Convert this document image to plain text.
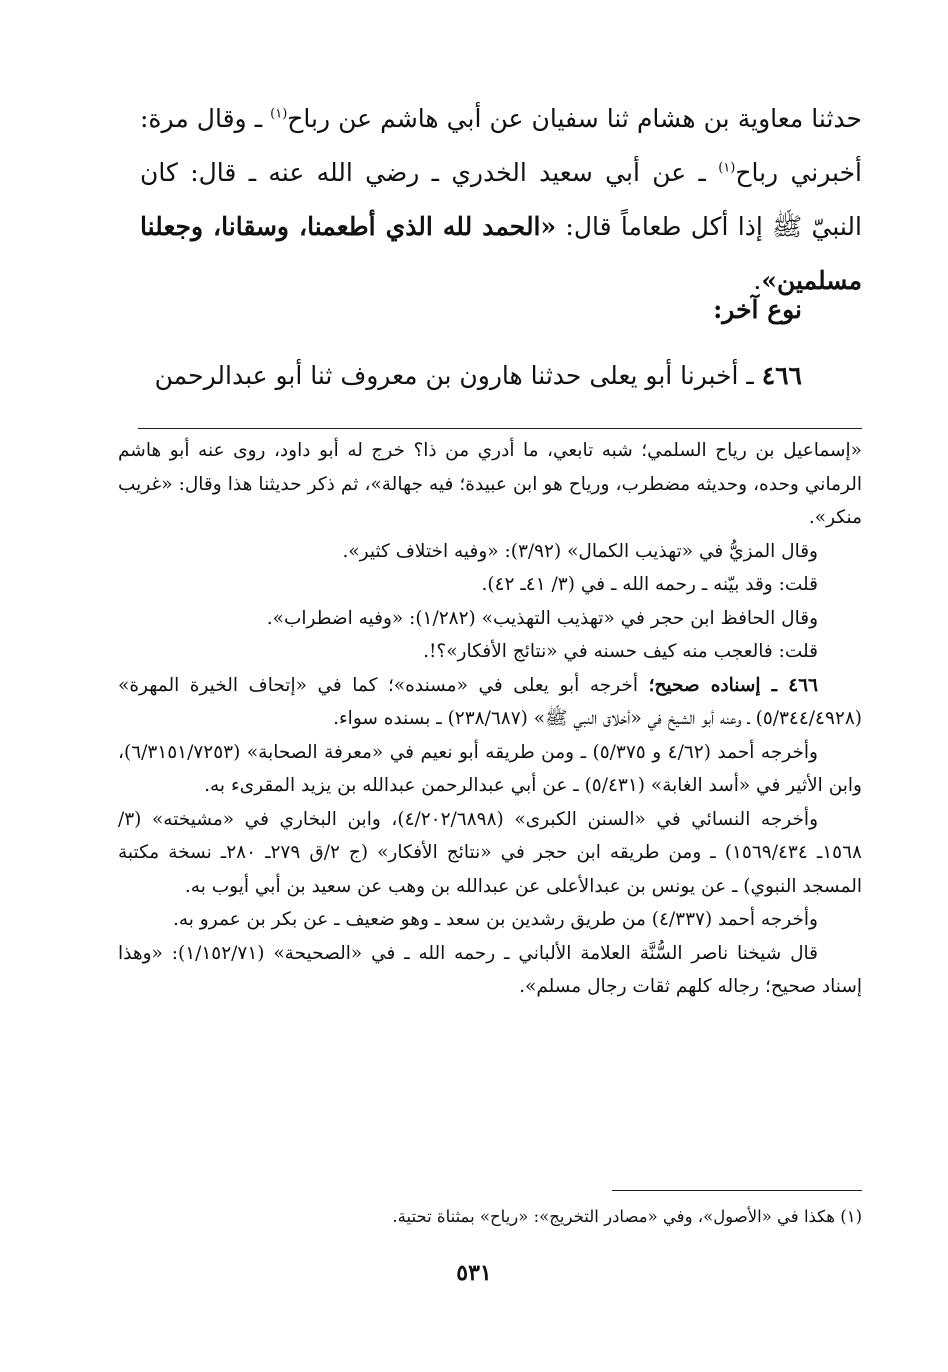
حدثنا معاوية بن هشام ثنا سفيان عن أبي هاشم عن رباح$^{(١)}$ ـ وقال مرة: أخبرني رباح$^{(١)}$ ـ عن أبي سعيد الخدري ـ رضي الله عنه ـ قال: كان النبيّ ﷺ إذا أكل طعاماً قال: «الحمد لله الذي أطعمنا، وسقانا، وجعلنا مسلمين».

نوع آخر:
٤٦٦ ـ أخبرنا أبو يعلى حدثنا هارون بن معروف ثنا أبو عبدالرحمن

«إسماعيل بن رياح السلمي؛ شبه تابعي، ما أدري من ذا؟ خرج له أبو داود، روى عنه أبو هاشم الرماني وحده، وحديثه مضطرب، ورياح هو ابن عبيدة؛ فيه جهالة»، ثم ذكر حديثنا هذا وقال: «غريب منكر».

وقال المزيُّ في «تهذيب الكمال» (٣/٩٢): «وفيه اختلاف كثير».

قلت: وقد بيّنه ـ رحمه الله ـ في (٣/ ٤١ـ ٤٢).

وقال الحافظ ابن حجر في «تهذيب التهذيب» (١/٢٨٢): «وفيه اضطراب».

قلت: فالعجب منه كيف حسنه في «نتائج الأفكار»؟!.

٤٦٦ ـ إسناده صحيح؛ أخرجه أبو يعلى في «مسنده»؛ كما في «إتحاف الخيرة المهرة» (٥/٣٤٤/٤٩٢٨) ـ وعنه أبو الشيخ في «أخلاق النبي ﷺ» (٢٣٨/٦٨٧) ـ بسنده سواء.

وأخرجه أحمد (٤/٦٢ و ٥/٣٧٥) ـ ومن طريقه أبو نعيم في «معرفة الصحابة» (٦/٣١٥١/٧٢٥٣)، وابن الأثير في «أسد الغابة» (٥/٤٣١) ـ عن أبي عبدالرحمن عبدالله بن يزيد المقرىء به.

وأخرجه النسائي في «السنن الكبرى» (٤/٢٠٢/٦٨٩٨)، وابن البخاري في «مشيخته» (٣/ ١٥٦٨ـ ١٥٦٩/٤٣٤) ـ ومن طريقه ابن حجر في «نتائج الأفكار» (ج ٢/ق ٢٧٩ـ ٢٨٠ـ نسخة مكتبة المسجد النبوي) ـ عن يونس بن عبدالأعلى عن عبدالله بن وهب عن سعيد بن أبي أيوب به.

وأخرجه أحمد (٤/٣٣٧) من طريق رشدين بن سعد ـ وهو ضعيف ـ عن بكر بن عمرو به.

قال شيخنا ناصر السُّنَّة العلامة الألباني ـ رحمه الله ـ في «الصحيحة» (١/١٥٢/٧١): «وهذا إسناد صحيح؛ رجاله كلهم ثقات رجال مسلم».

(١) هكذا في «الأصول»، وفي «مصادر التخريج»: «رياح» بمثناة تحتية.
٥٣١
